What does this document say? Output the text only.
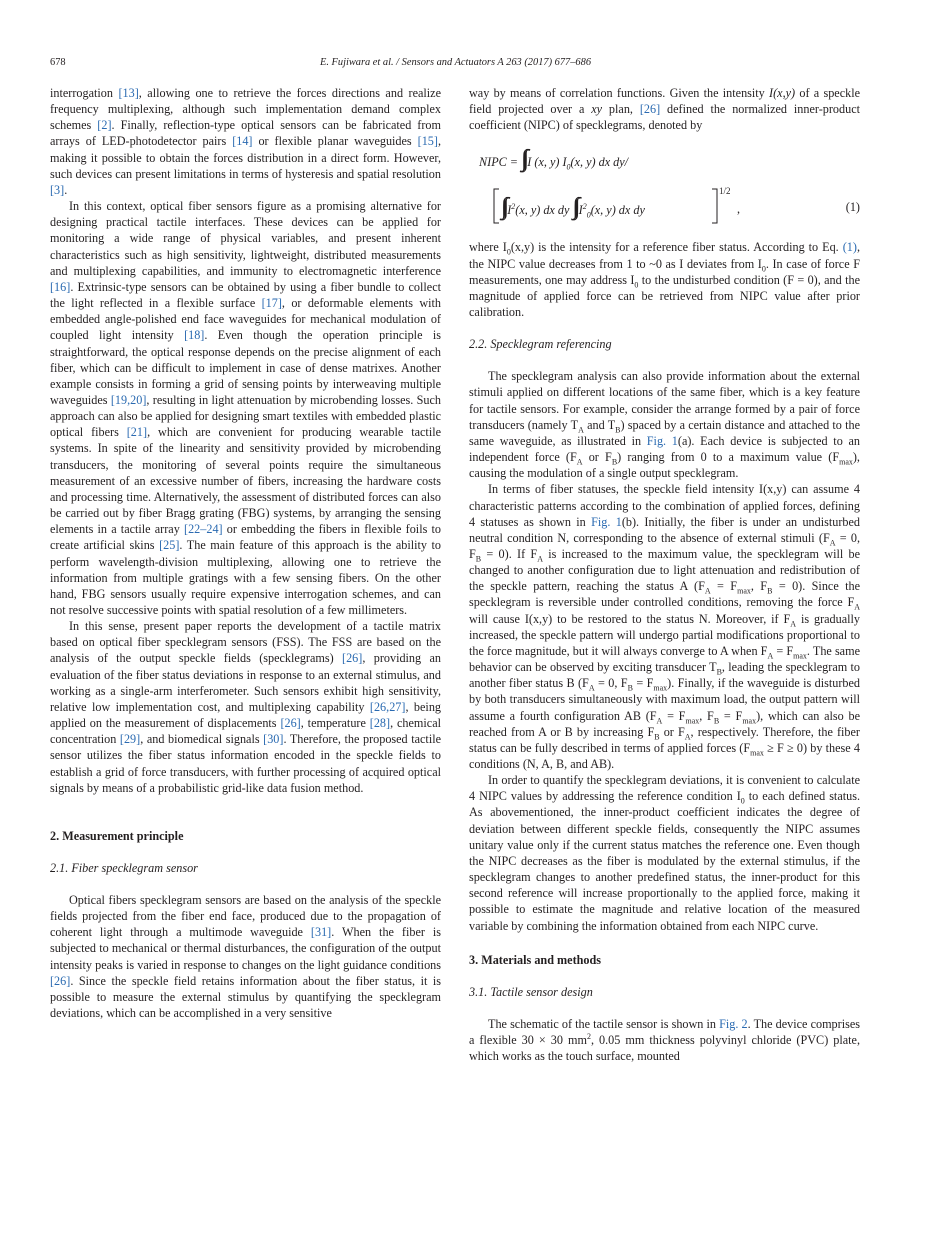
678	E. Fujiwara et al. / Sensors and Actuators A 263 (2017) 677–686

interrogation [13], allowing one to retrieve the forces directions and realize frequency multiplexing, although such implementation demand complex schemes [2]. Finally, reflection-type optical sensors can be fabricated from arrays of LED-photodetector pairs [14] or flexible planar waveguides [15], making it possible to obtain the forces distribution in a direct form. However, such devices can present limitations in terms of hysteresis and spatial resolution [3].

In this context, optical fiber sensors figure as a promising alternative for designing practical tactile interfaces. These devices can be applied for monitoring a wide range of physical variables, and present inherent characteristics such as high sensitivity, lightweight, distributed measurements and multiplexing capabilities, and immunity to electromagnetic interference [16]. Extrinsic-type sensors can be obtained by using a fiber bundle to collect the light reflected in a flexible surface [17], or deformable elements with embedded angle-polished end face waveguides for mechanical modulation of coupled light intensity [18]. Even though the operation principle is straightforward, the optical response depends on the precise alignment of each fiber, which can be difficult to implement in case of dense matrixes. Another example consists in forming a grid of sensing points by interweaving multiple waveguides [19,20], resulting in light attenuation by microbending losses. Such approach can also be applied for designing smart textiles with embedded plastic optical fibers [21], which are convenient for producing wearable tactile systems. In spite of the linearity and sensitivity provided by microbending transducers, the monitoring of several points require the simultaneous measurement of an excessive number of fibers, increasing the hardware costs and processing time. Alternatively, the assessment of distributed forces can also be carried out by fiber Bragg grating (FBG) systems, by arranging the sensing elements in a tactile array [22–24] or embedding the fibers in flexible foils to create artificial skins [25]. The main feature of this approach is the ability to perform wavelength-division multiplexing, allowing one to retrieve the information from multiple gratings with a few sensing fibers. On the other hand, FBG sensors usually require expensive interrogation schemes, and can not resolve successive points with spatial resolution of a few millimeters.

In this sense, present paper reports the development of a tactile matrix based on optical fiber specklegram sensors (FSS). The FSS are based on the analysis of the output speckle fields (specklegrams) [26], providing an evaluation of the fiber status deviations in response to an external stimulus, and working as a single-arm interferometer. Such sensors exhibit high sensitivity, relative low implementation cost, and multiplexing capability [26,27], being applied on the measurement of displacements [26], temperature [28], chemical concentration [29], and biomedical signals [30]. Therefore, the proposed tactile sensor utilizes the fiber status information encoded in the speckle fields to establish a grid of force transducers, with further processing of acquired optical signals by means of a probabilistic grid-like data fusion method.

2. Measurement principle
2.1. Fiber specklegram sensor

Optical fibers specklegram sensors are based on the analysis of the speckle fields projected from the fiber end face, produced due to the propagation of coherent light through a multimode waveguide [31]. When the fiber is subjected to mechanical or thermal disturbances, the configuration of the output intensity peaks is varied in response to changes on the light guidance conditions [26]. Since the speckle field retains information about the fiber status, it is possible to measure the external stimulus by quantifying the specklegram deviations, which can be accomplished in a very sensitive

way by means of correlation functions. Given the intensity I(x,y) of a speckle field projected over a xy plan, [26] defined the normalized inner-product coefficient (NIPC) of specklegrams, denoted by

NIPC = ∫∫ I (x, y) $I_0(x$, y) dx dy/
∫∫ $I^2(x$, y) dx dy ∫∫ $I^2_0(x$, y) dx dy
1/2
,	(1)

where $I_0(x,y)$ is the intensity for a reference fiber status. According to Eq. (1), the NIPC value decreases from 1 to ~0 as I deviates from $I_0$. In case of force F measurements, one may address $I_0$ to the undisturbed condition (F = 0), and the magnitude of applied force can be retrieved from NIPC value after prior calibration.

2.2. Specklegram referencing

The specklegram analysis can also provide information about the external stimuli applied on different locations of the same fiber, which is a key feature for tactile sensors. For example, consider the arrange formed by a pair of force transducers (namely $T_A$ and $T_B$) spaced by a certain distance and attached to the same waveguide, as illustrated in Fig. 1(a). Each device is subjected to an independent force ($F_A$ or $F_B$) ranging from 0 to a maximum value $(F_{max})$, causing the modulation of a single output specklegram.

In terms of fiber statuses, the speckle field intensity I(x,y) can assume 4 characteristic patterns according to the combination of applied forces, defining 4 statuses as shown in Fig. 1(b). Initially, the fiber is under an undisturbed neutral condition N, corresponding to the absence of external stimuli ($F_A = 0$, $F_B = 0$). If $F_A$ is increased to the maximum value, the specklegram will be changed to another configuration due to light attenuation and redistribution of the speckle pattern, reaching the status A ($F_A = F_{max}$, $F_B = 0$). Since the specklegram is reversible under controlled conditions, removing the force $F_A$ will cause I(x,y) to be restored to the status N. Moreover, if $F_A$ is gradually increased, the speckle pattern will undergo partial modifications proportional to the force magnitude, but it will always converge to A when $F_A = F_{max}$. The same behavior can be observed by exciting transducer $T_B$, leading the specklegram to another fiber status B ($F_A = 0$, $F_B = F_{max}$). Finally, if the waveguide is disturbed by both transducers simultaneously with maximum load, the output pattern will assume a fourth configuration AB ($F_A = F_{max}$, $F_B = F_{max}$), which can also be reached from A or B by increasing $F_B$ or $F_A$, respectively. Therefore, the fiber status can be fully described in terms of applied forces $(F_{max} \ge F \ge 0)$ by these 4 conditions (N, A, B, and AB).

In order to quantify the specklegram deviations, it is convenient to calculate 4 NIPC values by addressing the reference condition $I_0$ to each defined status. As abovementioned, the inner-product coefficient indicates the degree of deviation between different speckle fields, consequently the NIPC assumes unitary value only if the current status matches the reference one. Even though the NIPC decreases as the fiber is modulated by the external stimulus, if the specklegram changes to another predefined status, the inner-product for this second reference will increase proportionally to the applied force, making it possible to estimate the magnitude and relative location of the measured variable by combining the information obtained from each NIPC curve.

3. Materials and methods
3.1. Tactile sensor design

The schematic of the tactile sensor is shown in Fig. 2. The device comprises a flexible 30 × 30 $mm^2$, 0.05 mm thickness polyvinyl chloride (PVC) plate, which works as the touch surface, mounted
